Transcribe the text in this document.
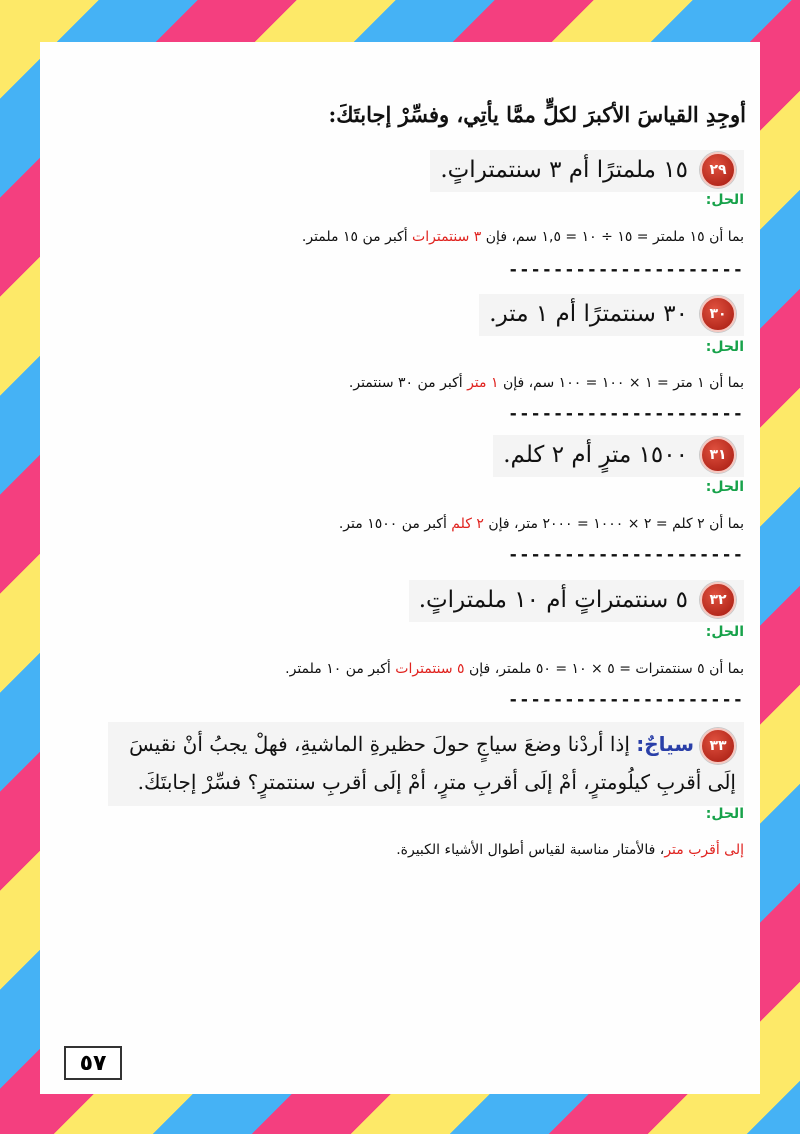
أوجِدِ القياسَ الأكبرَ لكلٍّ ممَّا يأتِي، وفسِّرْ إجابتَكَ:
٢٩
١٥ ملمترًا أم ٣ سنتمتراتٍ.
الحل:
بما أن ١٥ ملمتر = ١٥ ÷ ١٠ = ١,٥ سم، فإن ٣ سنتمترات أكبر من ١٥ ملمتر.
---------------------
٣٠
٣٠ سنتمترًا أم ١ متر.
الحل:
بما أن ١ متر = ١ × ١٠٠ = ١٠٠ سم، فإن ١ متر أكبر من ٣٠ سنتمتر.
---------------------
٣١
١٥٠٠ مترٍ أم ٢ كلم.
الحل:
بما أن ٢ كلم = ٢ × ١٠٠٠ = ٢٠٠٠ متر، فإن ٢ كلم أكبر من ١٥٠٠ متر.
---------------------
٣٢
٥ سنتمتراتٍ أم ١٠ ملمتراتٍ.
الحل:
بما أن ٥ سنتمترات = ٥ × ١٠ = ٥٠ ملمتر، فإن ٥ سنتمترات أكبر من ١٠ ملمتر.
---------------------
٣٣سياجٌ: إذا أردْنا وضعَ سياجٍ حولَ حظيرةِ الماشيةِ، فهلْ يجبُ أنْ نقيسَ إلَى أقربِ كيلُومترٍ، أمْ إلَى أقربِ مترٍ، أمْ إلَى أقربِ سنتمترٍ؟ فسِّرْ إجابتَكَ.
الحل:
إلى أقرب متر، فالأمتار مناسبة لقياس أطوال الأشياء الكبيرة.
٥٧
